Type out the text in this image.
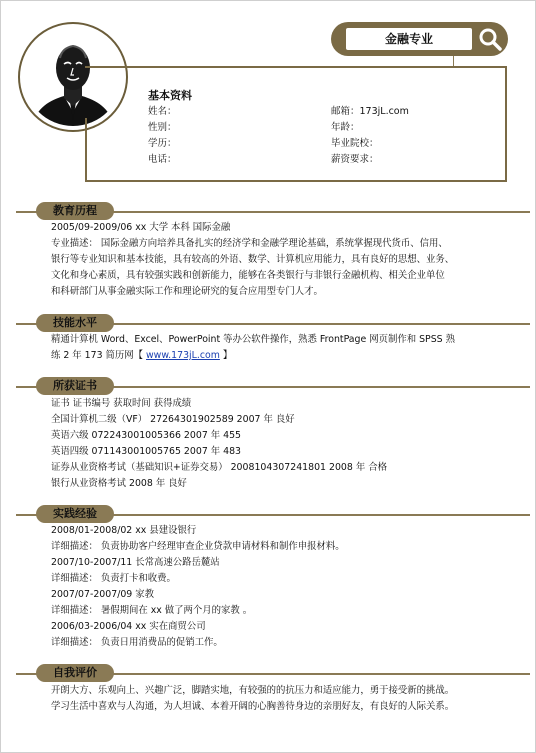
金融专业
基本资料
姓名：
性别：
学历：
电话：
邮箱：173jL.com
年龄：
毕业院校：
薪资要求：
教育历程
2005/09-2009/06 xx 大学 本科 国际金融
专业描述： 国际金融方向培养具备扎实的经济学和金融学理论基础，系统掌握现代货币、信用、
银行等专业知识和基本技能，具有较高的外语、数学、计算机应用能力，具有良好的思想、业务、
文化和身心素质，具有较强实践和创新能力，能够在各类银行与非银行金融机构、相关企业单位
和科研部门从事金融实际工作和理论研究的复合应用型专门人才。
技能水平
精通计算机 Word、Excel、PowerPoint 等办公软件操作，熟悉 FrontPage 网页制作和 SPSS 熟
练 2 年 173 简历网【 www.173jL.com 】
所获证书
证书 证书编号 获取时间 获得成绩
全国计算机二级（VF） 27264301902589 2007 年 良好
英语六级 072243001005366 2007 年 455
英语四级 071143001005765 2007 年 483
证券从业资格考试（基础知识+证券交易） 2008104307241801 2008 年 合格
银行从业资格考试 2008 年 良好
实践经验
2008/01-2008/02 xx 县建设银行
详细描述： 负责协助客户经理审查企业贷款申请材料和制作申报材料。
2007/10-2007/11 长常高速公路岳麓站
详细描述： 负责打卡和收费。
2007/07-2007/09 家教
详细描述： 暑假期间在 xx 做了两个月的家教 。
2006/03-2006/04 xx 实在商贸公司
详细描述： 负责日用消费品的促销工作。
自我评价
开朗大方、乐观向上、兴趣广泛，脚踏实地，有较强的的抗压力和适应能力，勇于接受新的挑战。
学习生活中喜欢与人沟通，为人坦诚、本着开阔的心胸善待身边的亲朋好友，有良好的人际关系。
